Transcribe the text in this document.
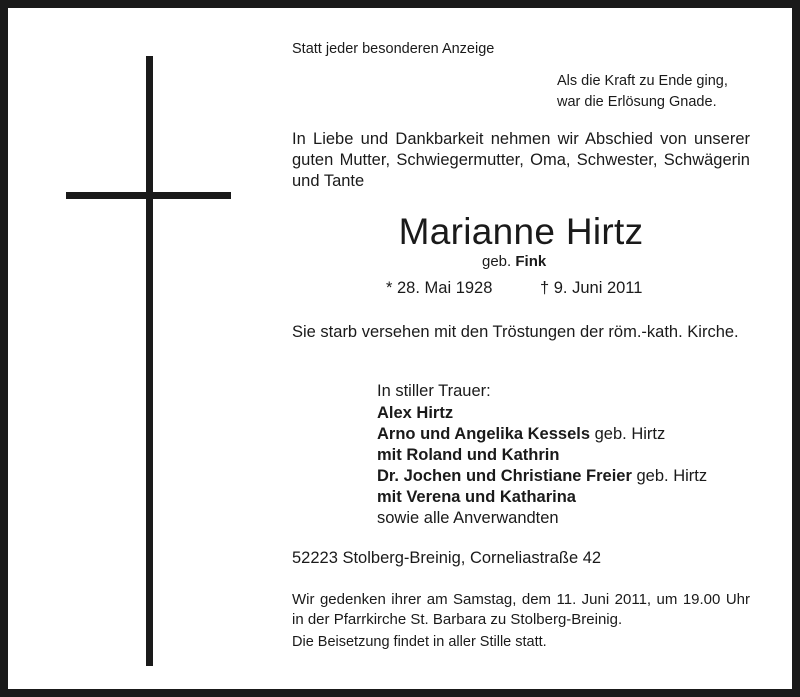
Statt jeder besonderen Anzeige
Als die Kraft zu Ende ging,
war die Erlösung Gnade.
In Liebe und Dankbarkeit nehmen wir Abschied von unserer guten Mutter, Schwiegermutter, Oma, Schwester, Schwägerin und Tante
Marianne Hirtz
geb. Fink
* 28. Mai 1928	† 9. Juni 2011
Sie starb versehen mit den Tröstungen der röm.-kath. Kirche.
In stiller Trauer:
Alex Hirtz
Arno und Angelika Kessels geb. Hirtz
mit Roland und Kathrin
Dr. Jochen und Christiane Freier geb. Hirtz
mit Verena und Katharina
sowie alle Anverwandten
52223 Stolberg-Breinig, Corneliastraße 42
Wir gedenken ihrer am Samstag, dem 11. Juni 2011, um 19.00 Uhr in der Pfarrkirche St. Barbara zu Stolberg-Breinig.
Die Beisetzung findet in aller Stille statt.
